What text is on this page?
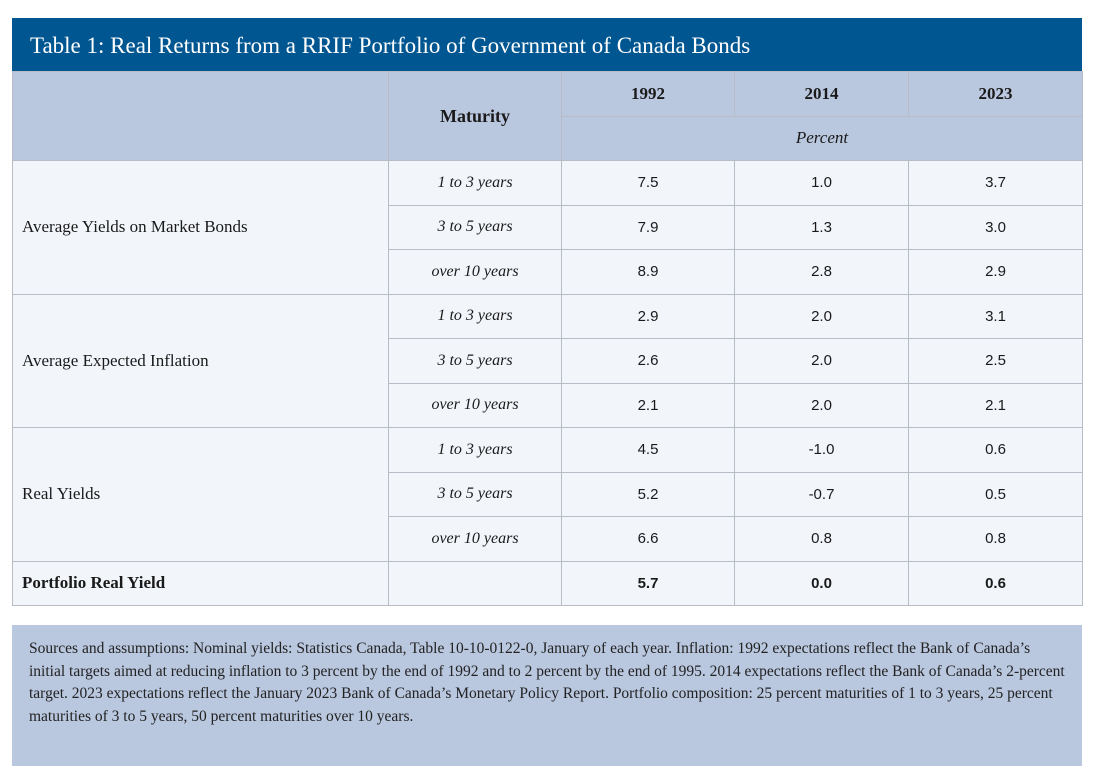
Table 1: Real Returns from a RRIF Portfolio of Government of Canada Bonds
	Maturity	1992	2014	2023
		Percent		
Average Yields on Market Bonds	1 to 3 years	7.5	1.0	3.7
	3 to 5 years	7.9	1.3	3.0
	over 10 years	8.9	2.8	2.9
Average Expected Inflation	1 to 3 years	2.9	2.0	3.1
	3 to 5 years	2.6	2.0	2.5
	over 10 years	2.1	2.0	2.1
Real Yields	1 to 3 years	4.5	-1.0	0.6
	3 to 5 years	5.2	-0.7	0.5
	over 10 years	6.6	0.8	0.8
Portfolio Real Yield		5.7	0.0	0.6
Sources and assumptions: Nominal yields: Statistics Canada, Table 10-10-0122-0, January of each year. Inflation: 1992 expectations reflect the Bank of Canada’s initial targets aimed at reducing inflation to 3 percent by the end of 1992 and to 2 percent by the end of 1995. 2014 expectations reflect the Bank of Canada’s 2-percent target. 2023 expectations reflect the January 2023 Bank of Canada’s Monetary Policy Report. Portfolio composition: 25 percent maturities of 1 to 3 years, 25 percent maturities of 3 to 5 years, 50 percent maturities over 10 years.
